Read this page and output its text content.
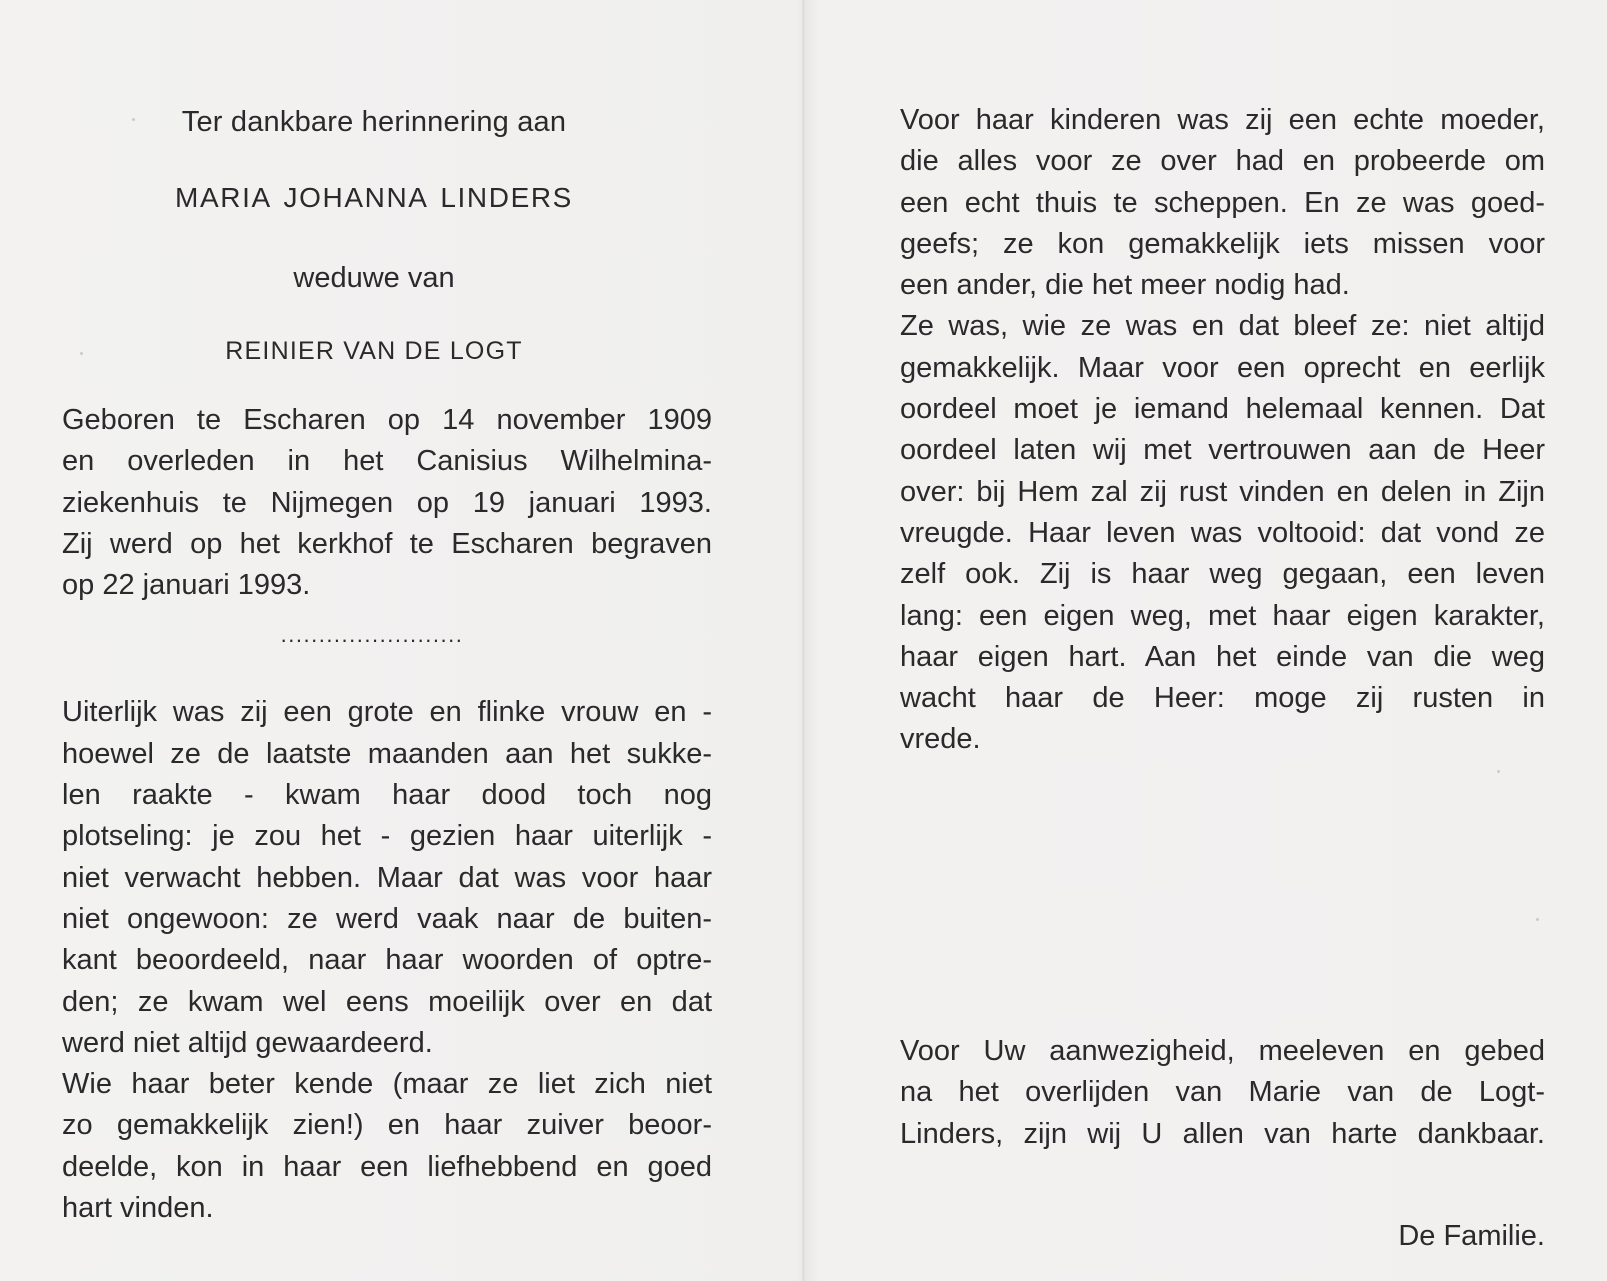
Ter dankbare herinnering aan
MARIA JOHANNA LINDERS
weduwe van
REINIER VAN DE LOGT
Geboren te Escharen op 14 november 1909
en overleden in het Canisius Wilhelmina-
ziekenhuis te Nijmegen op 19 januari 1993.
Zij werd op het kerkhof te Escharen begraven
op 22 januari 1993.
........................
Uiterlijk was zij een grote en flinke vrouw en -
hoewel ze de laatste maanden aan het sukke-
len raakte - kwam haar dood toch nog
plotseling: je zou het - gezien haar uiterlijk -
niet verwacht hebben. Maar dat was voor haar
niet ongewoon: ze werd vaak naar de buiten-
kant beoordeeld, naar haar woorden of optre-
den; ze kwam wel eens moeilijk over en dat
werd niet altijd gewaardeerd.
Wie haar beter kende (maar ze liet zich niet
zo gemakkelijk zien!) en haar zuiver beoor-
deelde, kon in haar een liefhebbend en goed
hart vinden.
Voor haar kinderen was zij een echte moeder,
die alles voor ze over had en probeerde om
een echt thuis te scheppen. En ze was goed-
geefs; ze kon gemakkelijk iets missen voor
een ander, die het meer nodig had.
Ze was, wie ze was en dat bleef ze: niet altijd
gemakkelijk. Maar voor een oprecht en eerlijk
oordeel moet je iemand helemaal kennen. Dat
oordeel laten wij met vertrouwen aan de Heer
over: bij Hem zal zij rust vinden en delen in Zijn
vreugde. Haar leven was voltooid: dat vond ze
zelf ook. Zij is haar weg gegaan, een leven
lang: een eigen weg, met haar eigen karakter,
haar eigen hart. Aan het einde van die weg
wacht haar de Heer: moge zij rusten in
vrede.
Voor Uw aanwezigheid, meeleven en gebed
na het overlijden van Marie van de Logt-
Linders, zijn wij U allen van harte dankbaar.
De Familie.
